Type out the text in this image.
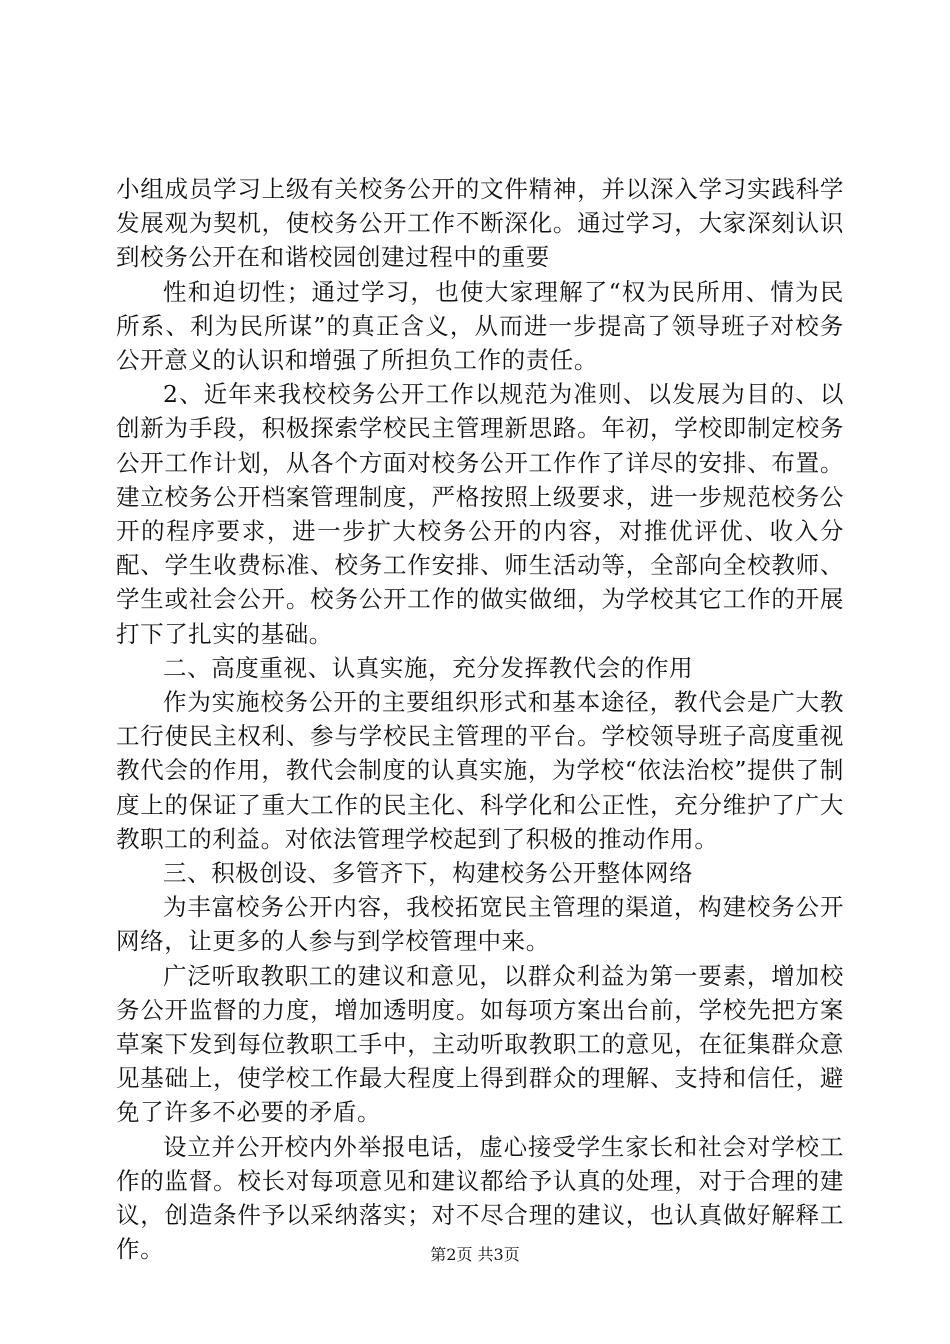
小组成员学习上级有关校务公开的文件精神，并以深入学习实践科学发展观为契机，使校务公开工作不断深化。通过学习，大家深刻认识到校务公开在和谐校园创建过程中的重要

性和迫切性；通过学习，也使大家理解了“权为民所用、情为民所系、利为民所谋”的真正含义，从而进一步提高了领导班子对校务公开意义的认识和增强了所担负工作的责任。

2、近年来我校校务公开工作以规范为准则、以发展为目的、以创新为手段，积极探索学校民主管理新思路。年初，学校即制定校务公开工作计划，从各个方面对校务公开工作作了详尽的安排、布置。建立校务公开档案管理制度，严格按照上级要求，进一步规范校务公开的程序要求，进一步扩大校务公开的内容，对推优评优、收入分配、学生收费标准、校务工作安排、师生活动等，全部向全校教师、学生或社会公开。校务公开工作的做实做细，为学校其它工作的开展打下了扎实的基础。

二、高度重视、认真实施，充分发挥教代会的作用

作为实施校务公开的主要组织形式和基本途径，教代会是广大教工行使民主权利、参与学校民主管理的平台。学校领导班子高度重视教代会的作用，教代会制度的认真实施，为学校“依法治校”提供了制度上的保证了重大工作的民主化、科学化和公正性，充分维护了广大教职工的利益。对依法管理学校起到了积极的推动作用。

三、积极创设、多管齐下，构建校务公开整体网络

为丰富校务公开内容，我校拓宽民主管理的渠道，构建校务公开网络，让更多的人参与到学校管理中来。

广泛听取教职工的建议和意见，以群众利益为第一要素，增加校务公开监督的力度，增加透明度。如每项方案出台前，学校先把方案草案下发到每位教职工手中，主动听取教职工的意见，在征集群众意见基础上，使学校工作最大程度上得到群众的理解、支持和信任，避免了许多不必要的矛盾。

设立并公开校内外举报电话，虚心接受学生家长和社会对学校工作的监督。校长对每项意见和建议都给予认真的处理，对于合理的建议，创造条件予以采纳落实；对不尽合理的建议，也认真做好解释工作。	第2页 共3页
